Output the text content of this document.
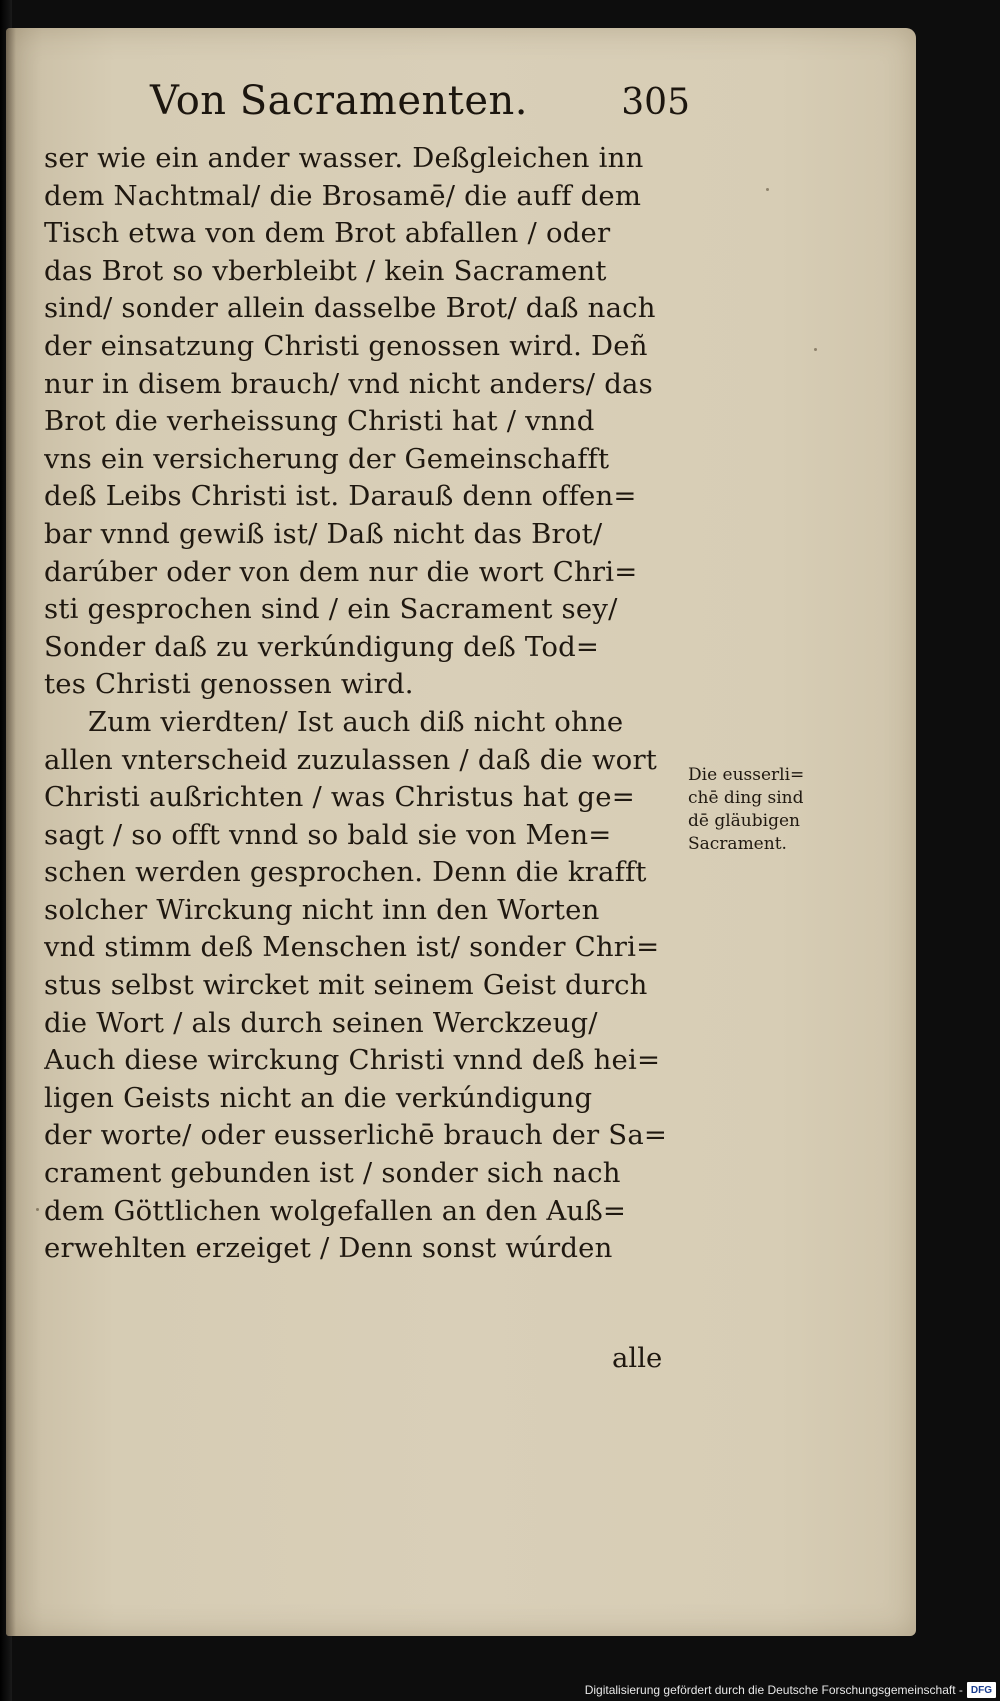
Von Sacramenten.	305
ser wie ein ander wasser. Deßgleichen inn
dem Nachtmal/ die Brosamē/ die auff dem
Tisch etwa von dem Brot abfallen / oder
das Brot so vberbleibt / kein Sacrament
sind/ sonder allein dasselbe Brot/ daß nach
der einsatzung Christi genossen wird. Deñ
nur in disem brauch/ vnd nicht anders/ das
Brot die verheissung Christi hat / vnnd
vns ein versicherung der Gemeinschafft
deß Leibs Christi ist. Darauß denn offen=
bar vnnd gewiß ist/ Daß nicht das Brot/
darúber oder von dem nur die wort Chri=
sti gesprochen sind / ein Sacrament sey/
Sonder daß zu verkúndigung deß Tod=
tes Christi genossen wird.
Zum vierdten/ Ist auch diß nicht ohne
allen vnterscheid zuzulassen / daß die wort
Christi außrichten / was Christus hat ge=
sagt / so offt vnnd so bald sie von Men=
schen werden gesprochen. Denn die krafft
solcher Wirckung nicht inn den Worten
vnd stimm deß Menschen ist/ sonder Chri=
stus selbst wircket mit seinem Geist durch
die Wort / als durch seinen Werckzeug/
Auch diese wirckung Christi vnnd deß hei=
ligen Geists nicht an die verkúndigung
der worte/ oder eusserlichē brauch der Sa=
crament gebunden ist / sonder sich nach
dem Göttlichen wolgefallen an den Auß=
erwehlten erzeiget / Denn sonst wúrden
Die eusserli=
chē ding sind
dē gläubigen
Sacrament.
alle
Digitalisierung gefördert durch die Deutsche Forschungsgemeinschaft - DFG
